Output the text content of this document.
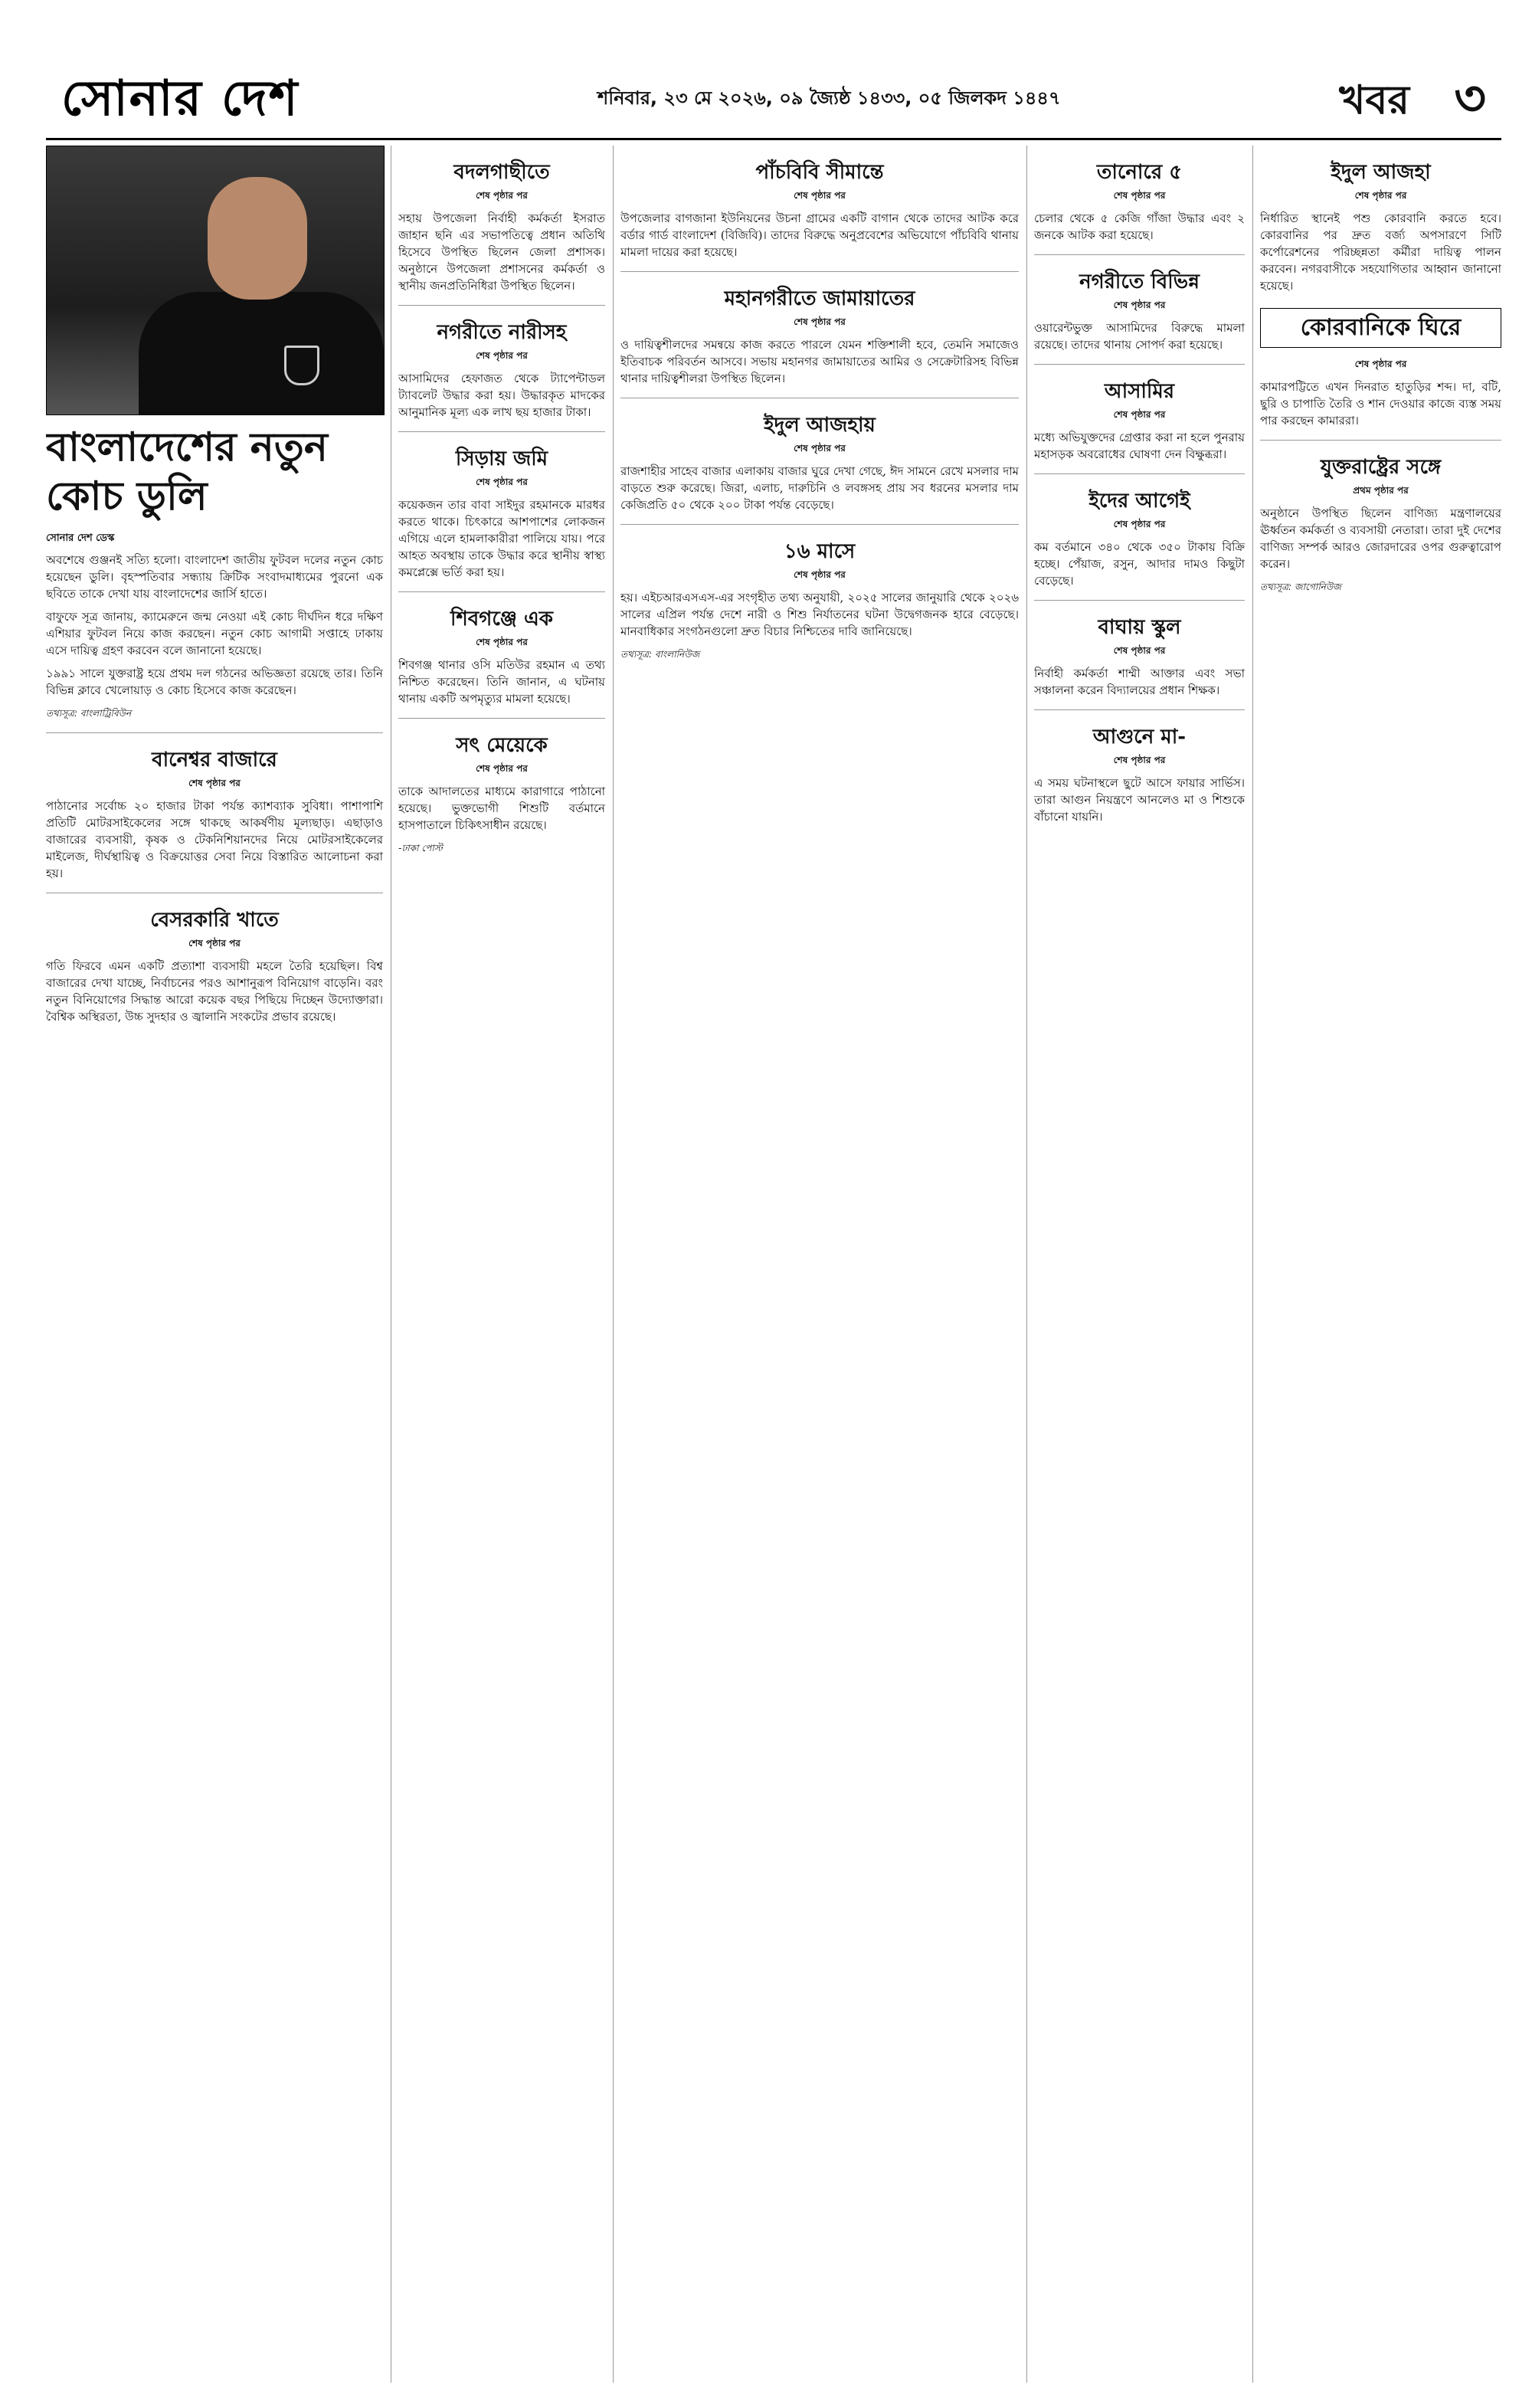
সোনার দেশ	শনিবার, ২৩ মে ২০২৬, ০৯ জ্যৈষ্ঠ ১৪৩৩, ০৫ জিলকদ ১৪৪৭	খবর ৩
বাংলাদেশের নতুন কোচ ডুলি
সোনার দেশ ডেস্ক

অবশেষে গুঞ্জনই সত্যি হলো। বাংলাদেশ জাতীয় ফুটবল দলের নতুন কোচ হয়েছেন ডুলি। বৃহস্পতিবার সন্ধ্যায় ক্রিটিক সংবাদমাধ্যমের পুরনো এক ছবিতে তাকে দেখা যায় বাংলাদেশের জার্সি হাতে।

বাফুফে সূত্র জানায়, ক্যামেরুনে জন্ম নেওয়া এই কোচ দীর্ঘদিন ধরে দক্ষিণ এশিয়ার ফুটবল নিয়ে কাজ করছেন। নতুন কোচ আগামী সপ্তাহে ঢাকায় এসে দায়িত্ব গ্রহণ করবেন বলে জানানো হয়েছে।

১৯৯১ সালে যুক্তরাষ্ট্র হয়ে প্রথম দল গঠনের অভিজ্ঞতা রয়েছে তার। তিনি বিভিন্ন ক্লাবে খেলোয়াড় ও কোচ হিসেবে কাজ করেছেন।

তথ্যসূত্র: বাংলাট্রিবিউন
বানেশ্বর বাজারে
শেষ পৃষ্ঠার পর

পাঠানোর সর্বোচ্চ ২০ হাজার টাকা পর্যন্ত ক্যাশব্যাক সুবিধা। পাশাপাশি প্রতিটি মোটরসাইকেলের সঙ্গে থাকছে আকর্ষণীয় মূল্যছাড়। এছাড়াও বাজারের ব্যবসায়ী, কৃষক ও টেকনিশিয়ানদের নিয়ে মোটরসাইকেলের মাইলেজ, দীর্ঘস্থায়িত্ব ও বিক্রয়োত্তর সেবা নিয়ে বিস্তারিত আলোচনা করা হয়।

বেসরকারি খাতে
শেষ পৃষ্ঠার পর

গতি ফিরবে এমন একটি প্রত্যাশা ব্যবসায়ী মহলে তৈরি হয়েছিল। বিশ্ব বাজারের দেখা যাচ্ছে, নির্বাচনের পরও আশানুরূপ বিনিয়োগ বাড়েনি। বরং নতুন বিনিয়োগের সিদ্ধান্ত আরো কয়েক বছর পিছিয়ে দিচ্ছেন উদ্যোক্তারা। বৈশ্বিক অস্থিরতা, উচ্চ সুদহার ও জ্বালানি সংকটের প্রভাব রয়েছে।

বদলগাছীতে
শেষ পৃষ্ঠার পর

সহায় উপজেলা নির্বাহী কর্মকর্তা ইসরাত জাহান ছনি এর সভাপতিত্বে প্রধান অতিথি হিসেবে উপস্থিত ছিলেন জেলা প্রশাসক। অনুষ্ঠানে উপজেলা প্রশাসনের কর্মকর্তা ও স্থানীয় জনপ্রতিনিধিরা উপস্থিত ছিলেন।

নগরীতে নারীসহ
শেষ পৃষ্ঠার পর

আসামিদের হেফাজত থেকে ট্যাপেন্টাডল ট্যাবলেট উদ্ধার করা হয়। উদ্ধারকৃত মাদকের আনুমানিক মূল্য এক লাখ ছয় হাজার টাকা।

সিড়ায় জমি
শেষ পৃষ্ঠার পর

কয়েকজন তার বাবা সাইদুর রহমানকে মারধর করতে থাকে। চিৎকারে আশপাশের লোকজন এগিয়ে এলে হামলাকারীরা পালিয়ে যায়। পরে আহত অবস্থায় তাকে উদ্ধার করে স্থানীয় স্বাস্থ্য কমপ্লেক্সে ভর্তি করা হয়।

শিবগঞ্জে এক
শেষ পৃষ্ঠার পর

শিবগঞ্জ থানার ওসি মতিউর রহমান এ তথ্য নিশ্চিত করেছেন। তিনি জানান, এ ঘটনায় থানায় একটি অপমৃত্যুর মামলা হয়েছে।

সৎ মেয়েকে
শেষ পৃষ্ঠার পর

তাকে আদালতের মাধ্যমে কারাগারে পাঠানো হয়েছে। ভুক্তভোগী শিশুটি বর্তমানে হাসপাতালে চিকিৎসাধীন রয়েছে।

-ঢাকা পোস্ট
পাঁচবিবি সীমান্তে
শেষ পৃষ্ঠার পর

উপজেলার বাগজানা ইউনিয়নের উচনা গ্রামের একটি বাগান থেকে তাদের আটক করে বর্ডার গার্ড বাংলাদেশ (বিজিবি)। তাদের বিরুদ্ধে অনুপ্রবেশের অভিযোগে পাঁচবিবি থানায় মামলা দায়ের করা হয়েছে।

মহানগরীতে জামায়াতের
শেষ পৃষ্ঠার পর

ও দায়িত্বশীলদের সমন্বয়ে কাজ করতে পারলে যেমন শক্তিশালী হবে, তেমনি সমাজেও ইতিবাচক পরিবর্তন আসবে। সভায় মহানগর জামায়াতের আমির ও সেক্রেটারিসহ বিভিন্ন থানার দায়িত্বশীলরা উপস্থিত ছিলেন।

ইদুল আজহায়
শেষ পৃষ্ঠার পর

রাজশাহীর সাহেব বাজার এলাকায় বাজার ঘুরে দেখা গেছে, ঈদ সামনে রেখে মসলার দাম বাড়তে শুরু করেছে। জিরা, এলাচ, দারুচিনি ও লবঙ্গসহ প্রায় সব ধরনের মসলার দাম কেজিপ্রতি ৫০ থেকে ২০০ টাকা পর্যন্ত বেড়েছে।

১৬ মাসে
শেষ পৃষ্ঠার পর

হয়। এইচআরএসএস-এর সংগৃহীত তথ্য অনুযায়ী, ২০২৫ সালের জানুয়ারি থেকে ২০২৬ সালের এপ্রিল পর্যন্ত দেশে নারী ও শিশু নির্যাতনের ঘটনা উদ্বেগজনক হারে বেড়েছে। মানবাধিকার সংগঠনগুলো দ্রুত বিচার নিশ্চিতের দাবি জানিয়েছে।

তথ্যসূত্র: বাংলানিউজ
তানোরে ৫
শেষ পৃষ্ঠার পর

চেলার থেকে ৫ কেজি গাঁজা উদ্ধার এবং ২ জনকে আটক করা হয়েছে।

নগরীতে বিভিন্ন
শেষ পৃষ্ঠার পর

ওয়ারেন্টভুক্ত আসামিদের বিরুদ্ধে মামলা রয়েছে। তাদের থানায় সোপর্দ করা হয়েছে।

আসামির
শেষ পৃষ্ঠার পর

মধ্যে অভিযুক্তদের গ্রেপ্তার করা না হলে পুনরায় মহাসড়ক অবরোধের ঘোষণা দেন বিক্ষুব্ধরা।

ইদের আগেই
শেষ পৃষ্ঠার পর

কম বর্তমানে ৩৪০ থেকে ৩৫০ টাকায় বিক্রি হচ্ছে। পেঁয়াজ, রসুন, আদার দামও কিছুটা বেড়েছে।

বাঘায় স্কুল
শেষ পৃষ্ঠার পর

নির্বাহী কর্মকর্তা শাম্মী আক্তার এবং সভা সঞ্চালনা করেন বিদ্যালয়ের প্রধান শিক্ষক।

আগুনে মা-
শেষ পৃষ্ঠার পর

এ সময় ঘটনাস্থলে ছুটে আসে ফায়ার সার্ভিস। তারা আগুন নিয়ন্ত্রণে আনলেও মা ও শিশুকে বাঁচানো যায়নি।

ইদুল আজহা
শেষ পৃষ্ঠার পর

নির্ধারিত স্থানেই পশু কোরবানি করতে হবে। কোরবানির পর দ্রুত বর্জ্য অপসারণে সিটি কর্পোরেশনের পরিচ্ছন্নতা কর্মীরা দায়িত্ব পালন করবেন। নগরবাসীকে সহযোগিতার আহ্বান জানানো হয়েছে।

কোরবানিকে ঘিরে
শেষ পৃষ্ঠার পর

কামারপট্টিতে এখন দিনরাত হাতুড়ির শব্দ। দা, বটি, ছুরি ও চাপাতি তৈরি ও শান দেওয়ার কাজে ব্যস্ত সময় পার করছেন কামাররা।

যুক্তরাষ্ট্রের সঙ্গে
প্রথম পৃষ্ঠার পর

অনুষ্ঠানে উপস্থিত ছিলেন বাণিজ্য মন্ত্রণালয়ের ঊর্ধ্বতন কর্মকর্তা ও ব্যবসায়ী নেতারা। তারা দুই দেশের বাণিজ্য সম্পর্ক আরও জোরদারের ওপর গুরুত্বারোপ করেন।

তথ্যসূত্র: জাগোনিউজ
